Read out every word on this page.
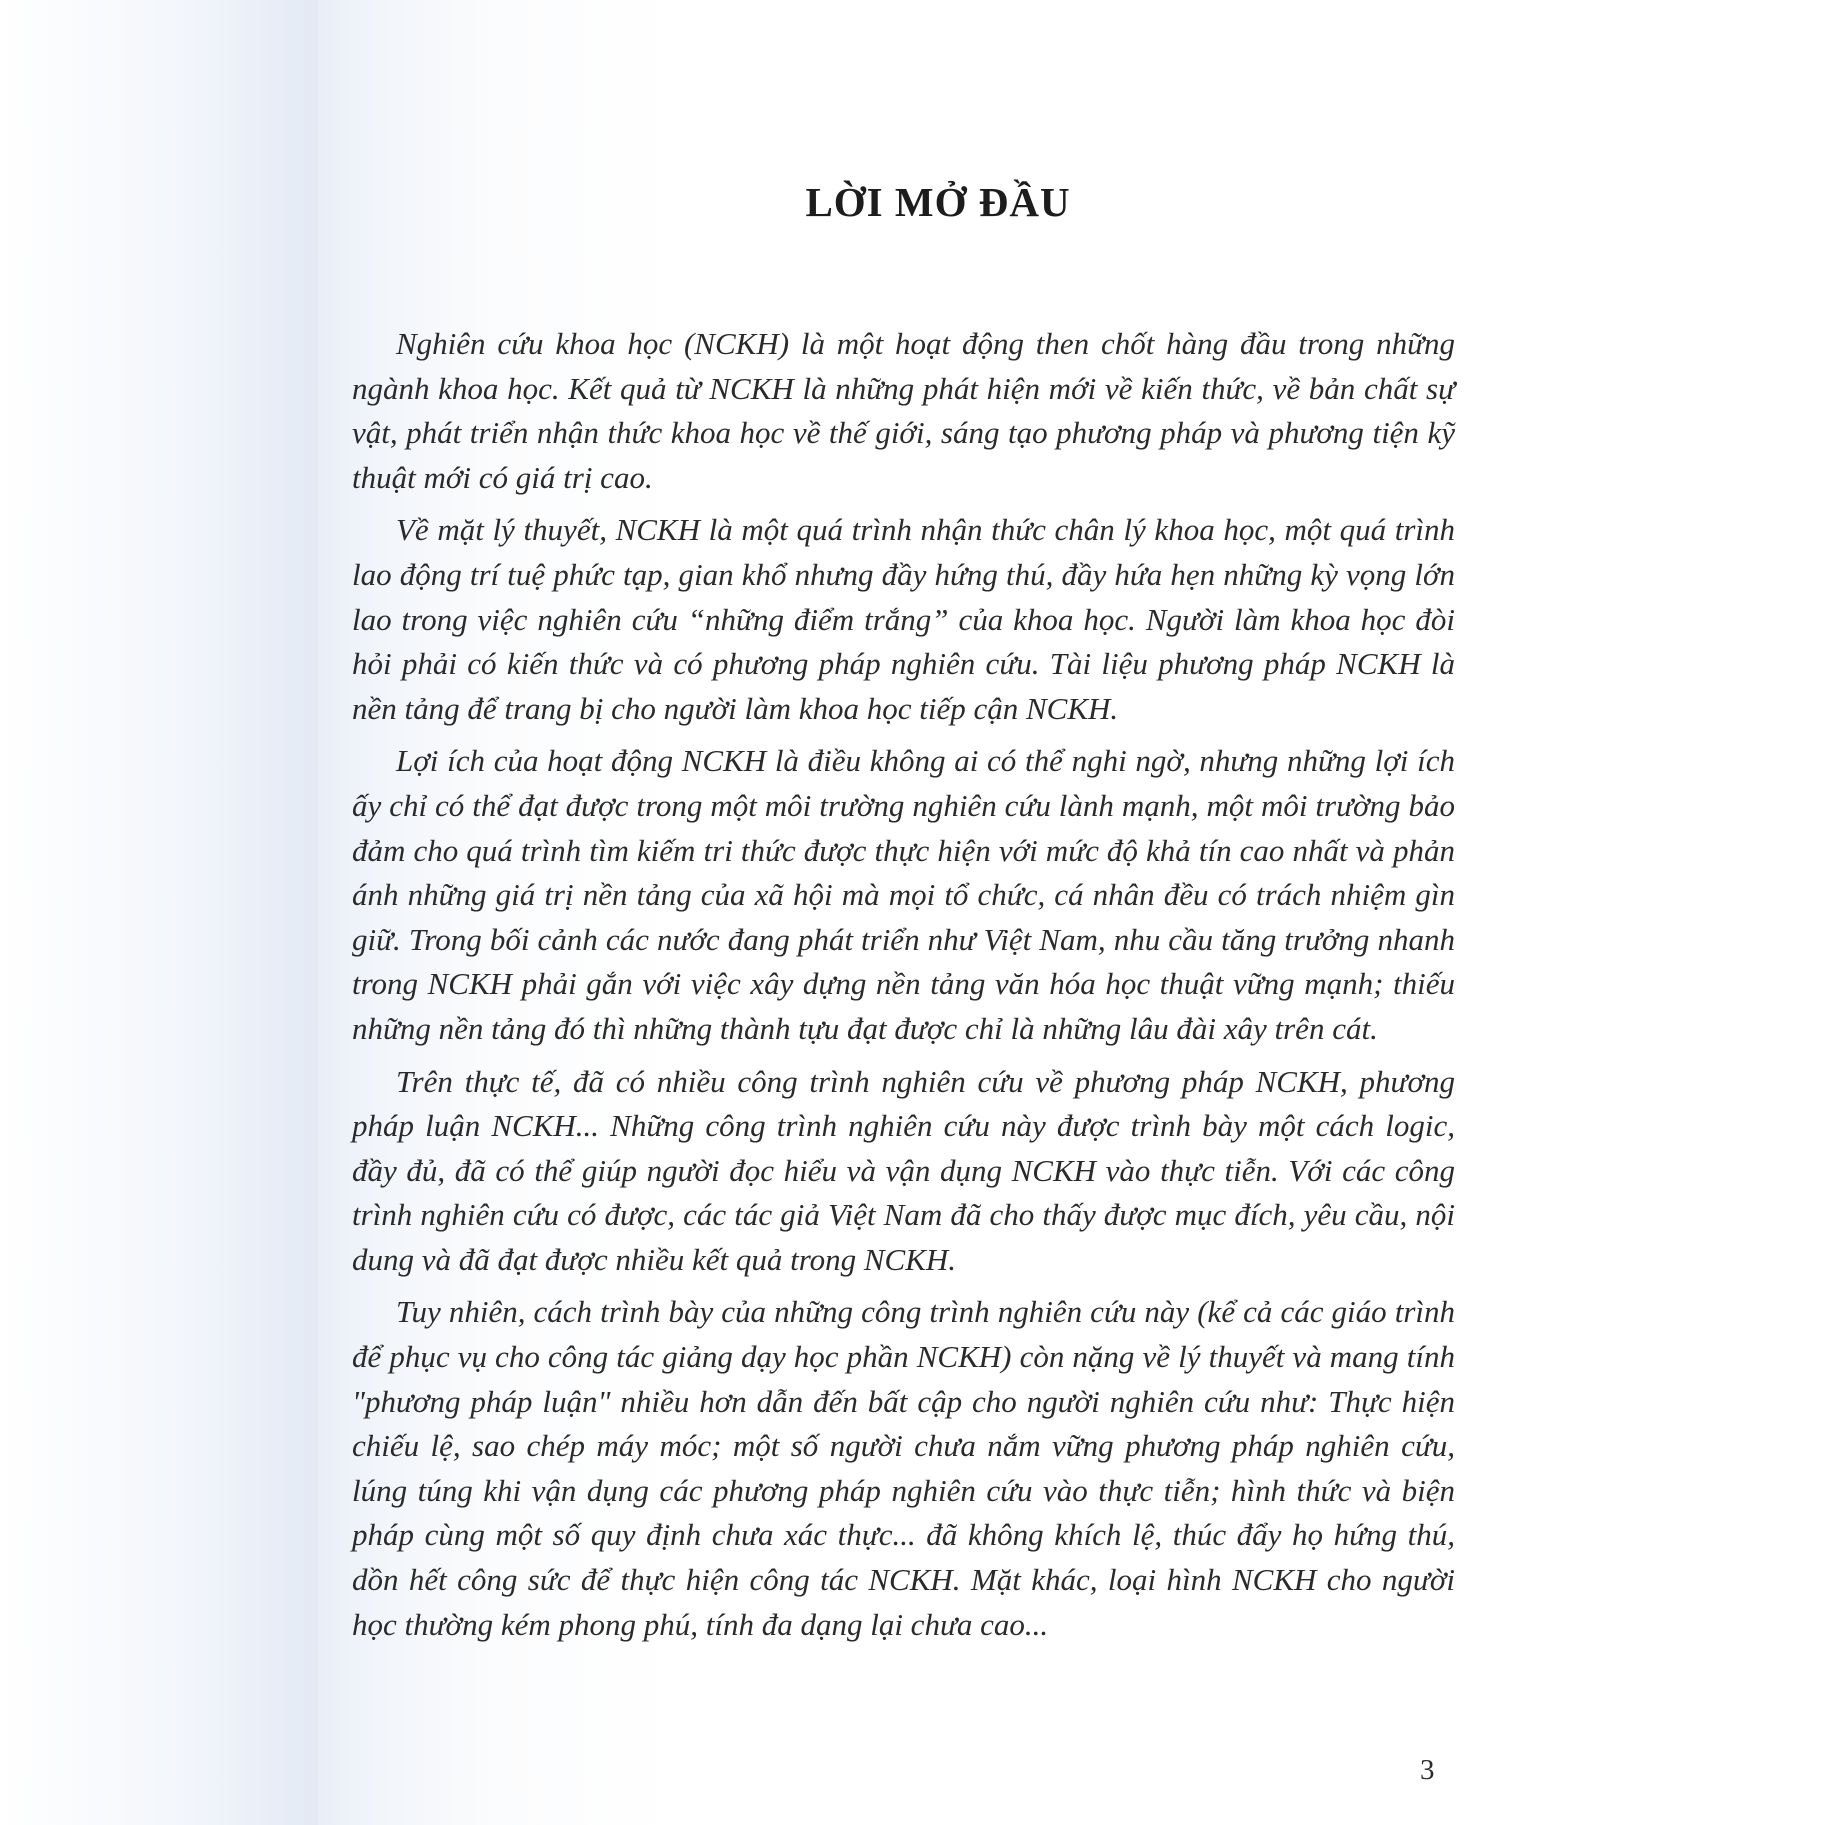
LỜI MỞ ĐẦU

Nghiên cứu khoa học (NCKH) là một hoạt động then chốt hàng đầu trong những ngành khoa học. Kết quả từ NCKH là những phát hiện mới về kiến thức, về bản chất sự vật, phát triển nhận thức khoa học về thế giới, sáng tạo phương pháp và phương tiện kỹ thuật mới có giá trị cao.

Về mặt lý thuyết, NCKH là một quá trình nhận thức chân lý khoa học, một quá trình lao động trí tuệ phức tạp, gian khổ nhưng đầy hứng thú, đầy hứa hẹn những kỳ vọng lớn lao trong việc nghiên cứu “những điểm trắng” của khoa học. Người làm khoa học đòi hỏi phải có kiến thức và có phương pháp nghiên cứu. Tài liệu phương pháp NCKH là nền tảng để trang bị cho người làm khoa học tiếp cận NCKH.

Lợi ích của hoạt động NCKH là điều không ai có thể nghi ngờ, nhưng những lợi ích ấy chỉ có thể đạt được trong một môi trường nghiên cứu lành mạnh, một môi trường bảo đảm cho quá trình tìm kiếm tri thức được thực hiện với mức độ khả tín cao nhất và phản ánh những giá trị nền tảng của xã hội mà mọi tổ chức, cá nhân đều có trách nhiệm gìn giữ. Trong bối cảnh các nước đang phát triển như Việt Nam, nhu cầu tăng trưởng nhanh trong NCKH phải gắn với việc xây dựng nền tảng văn hóa học thuật vững mạnh; thiếu những nền tảng đó thì những thành tựu đạt được chỉ là những lâu đài xây trên cát.

Trên thực tế, đã có nhiều công trình nghiên cứu về phương pháp NCKH, phương pháp luận NCKH... Những công trình nghiên cứu này được trình bày một cách logic, đầy đủ, đã có thể giúp người đọc hiểu và vận dụng NCKH vào thực tiễn. Với các công trình nghiên cứu có được, các tác giả Việt Nam đã cho thấy được mục đích, yêu cầu, nội dung và đã đạt được nhiều kết quả trong NCKH.

Tuy nhiên, cách trình bày của những công trình nghiên cứu này (kể cả các giáo trình để phục vụ cho công tác giảng dạy học phần NCKH) còn nặng về lý thuyết và mang tính "phương pháp luận" nhiều hơn dẫn đến bất cập cho người nghiên cứu như: Thực hiện chiếu lệ, sao chép máy móc; một số người chưa nắm vững phương pháp nghiên cứu, lúng túng khi vận dụng các phương pháp nghiên cứu vào thực tiễn; hình thức và biện pháp cùng một số quy định chưa xác thực... đã không khích lệ, thúc đẩy họ hứng thú, dồn hết công sức để thực hiện công tác NCKH. Mặt khác, loại hình NCKH cho người học thường kém phong phú, tính đa dạng lại chưa cao...

3
